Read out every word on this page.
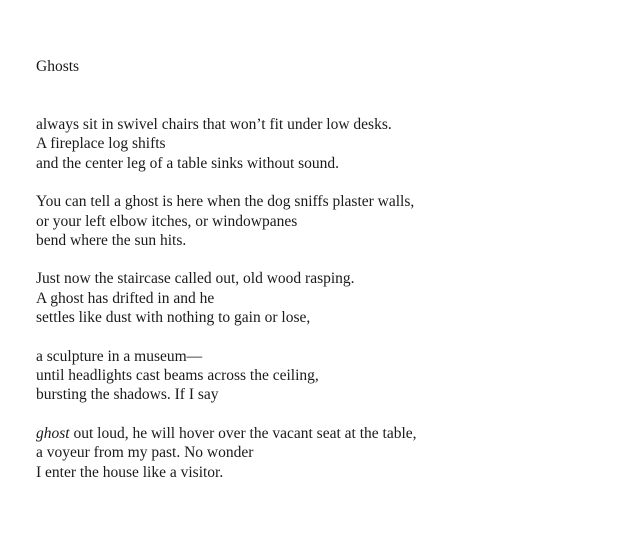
Ghosts
always sit in swivel chairs that won’t fit under low desks.
A fireplace log shifts
and the center leg of a table sinks without sound.
You can tell a ghost is here when the dog sniffs plaster walls,
or your left elbow itches, or windowpanes
bend where the sun hits.
Just now the staircase called out, old wood rasping.
A ghost has drifted in and he
settles like dust with nothing to gain or lose,
a sculpture in a museum—
until headlights cast beams across the ceiling,
bursting the shadows. If I say
ghost out loud, he will hover over the vacant seat at the table,
a voyeur from my past. No wonder
I enter the house like a visitor.
